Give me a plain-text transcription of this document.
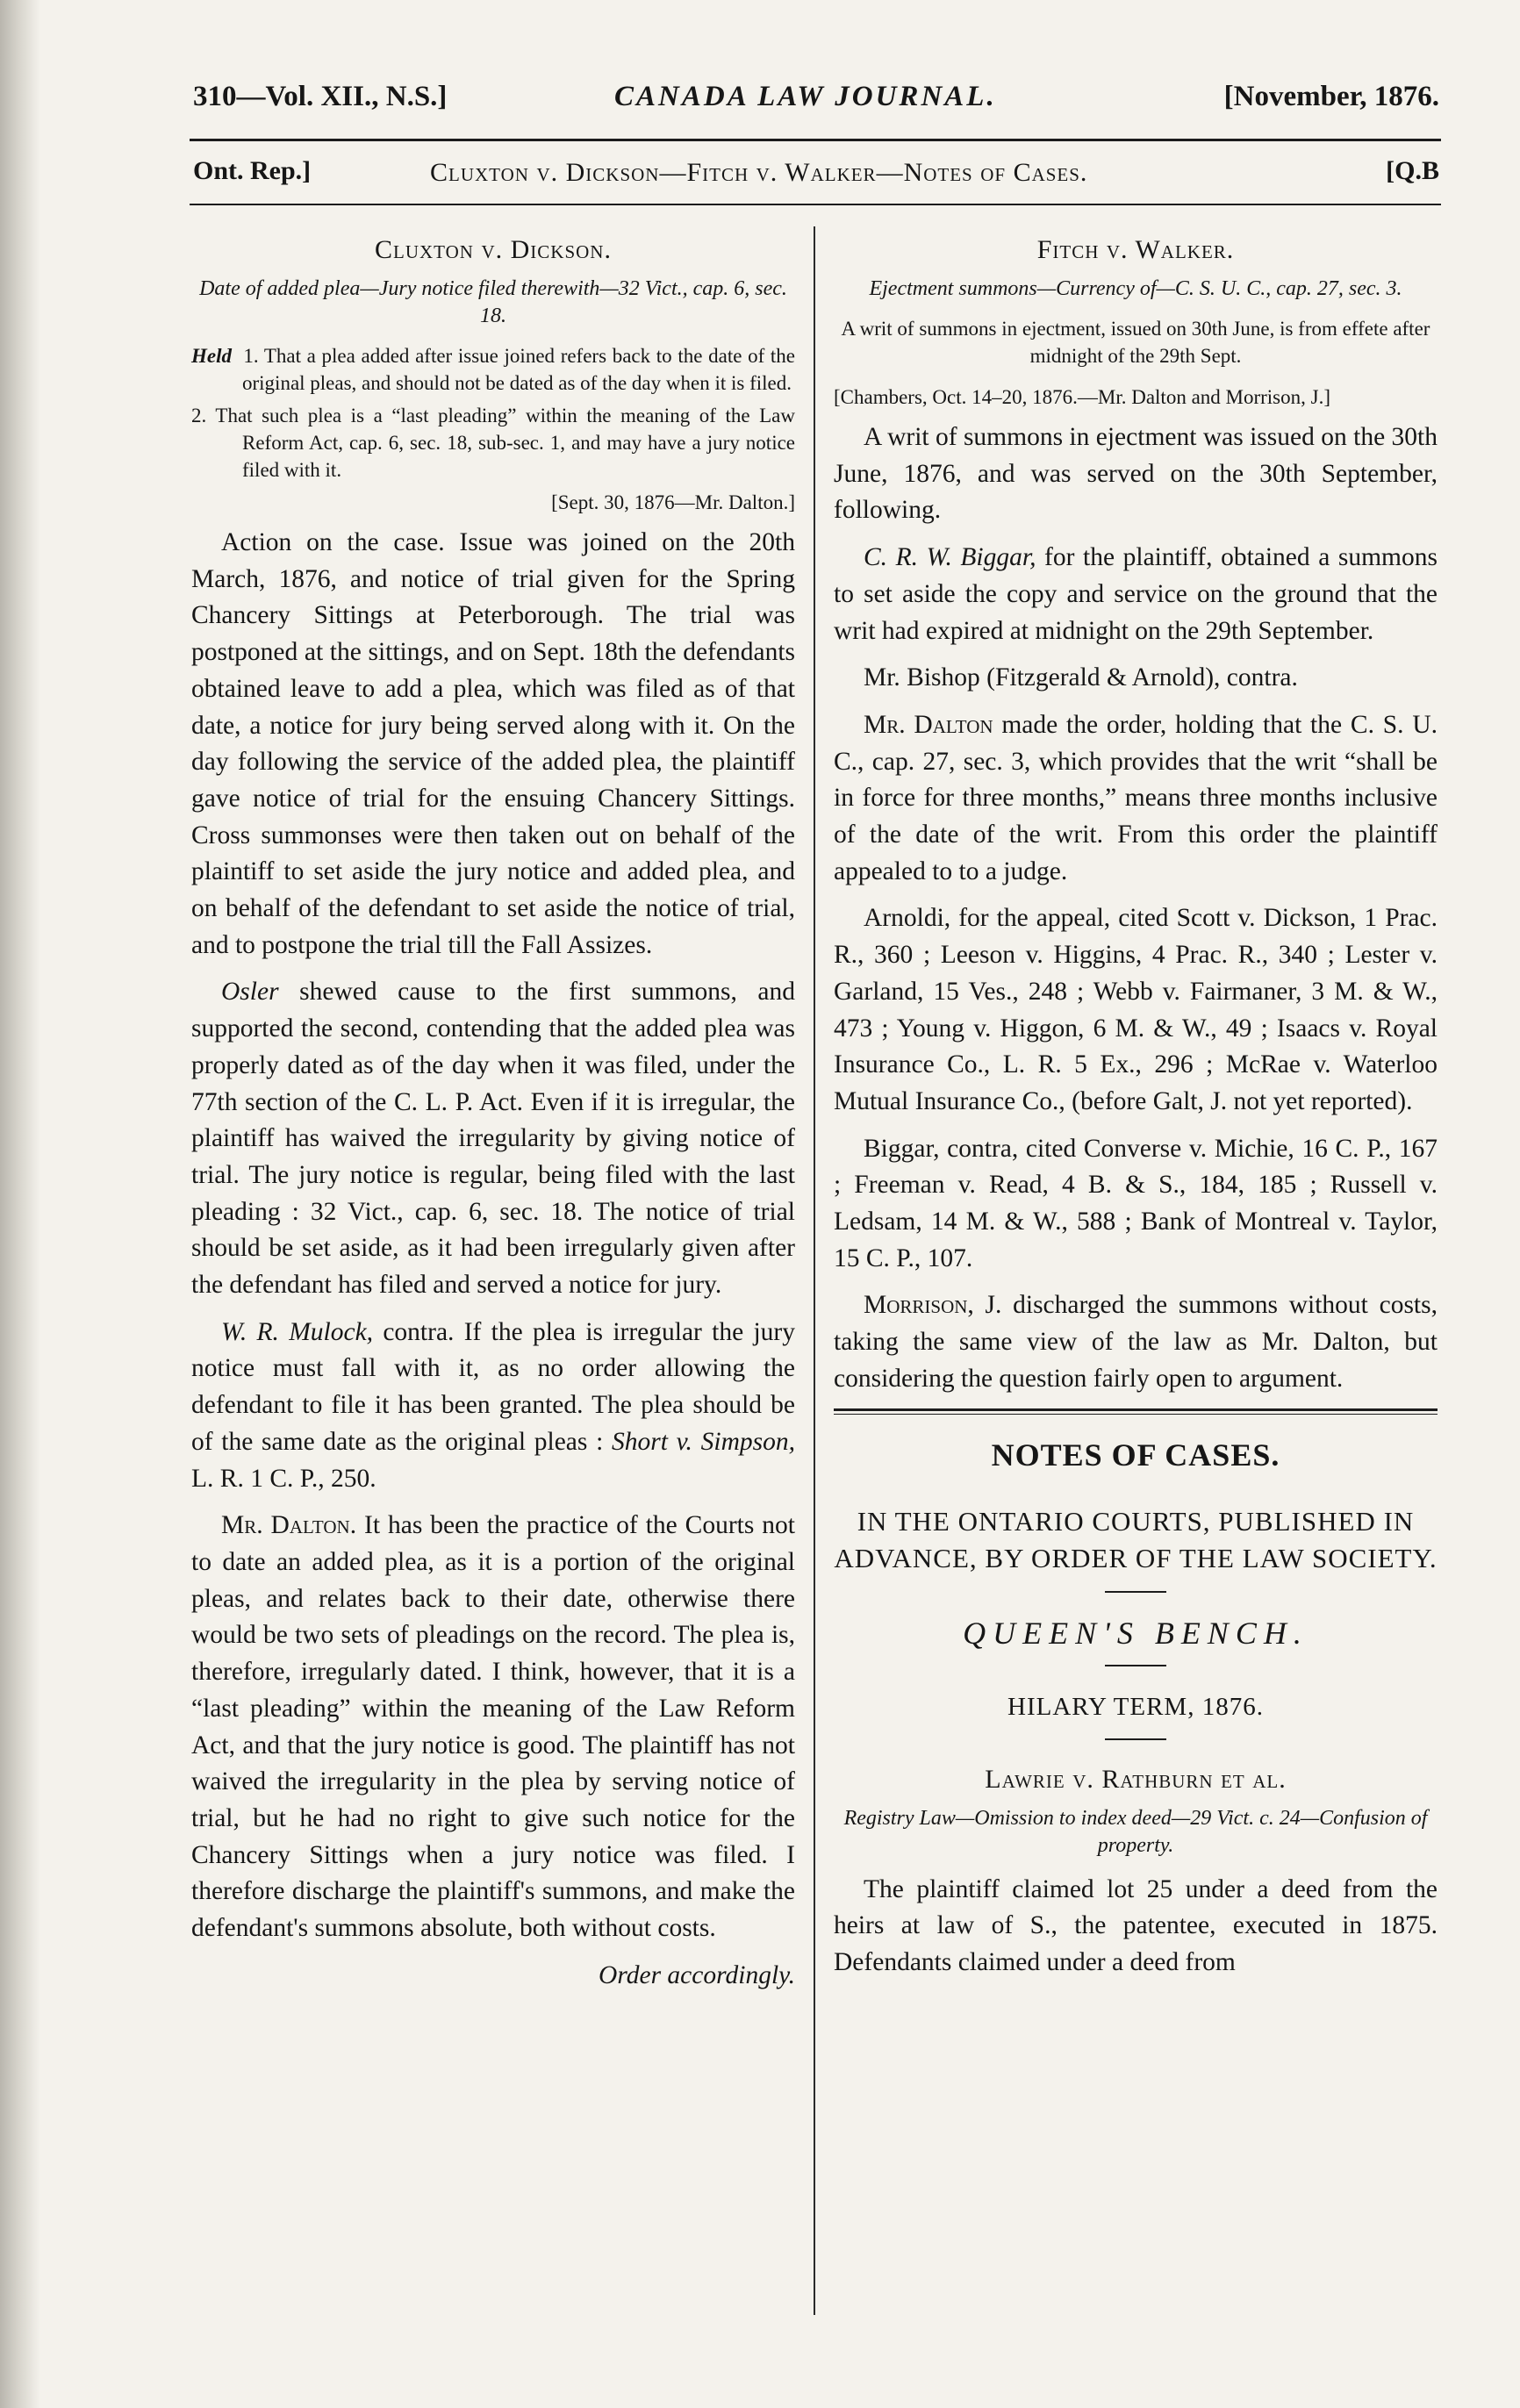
310—Vol. XII., N.S.]	CANADA LAW JOURNAL.	[November, 1876.
Ont. Rep.]	Cluxton v. Dickson—Fitch v. Walker—Notes of Cases.	[Q.B
Cluxton v. Dickson.
Date of added plea—Jury notice filed therewith—32 Vict., cap. 6, sec. 18.
Held 1. That a plea added after issue joined refers back to the date of the original pleas, and should not be dated as of the day when it is filed.
2. That such plea is a “last pleading” within the meaning of the Law Reform Act, cap. 6, sec. 18, sub-sec. 1, and may have a jury notice filed with it.
[Sept. 30, 1876—Mr. Dalton.]

Action on the case. Issue was joined on the 20th March, 1876, and notice of trial given for the Spring Chancery Sittings at Peterborough. The trial was postponed at the sittings, and on Sept. 18th the defendants obtained leave to add a plea, which was filed as of that date, a notice for jury being served along with it. On the day following the service of the added plea, the plaintiff gave notice of trial for the ensuing Chancery Sittings. Cross summonses were then taken out on behalf of the plaintiff to set aside the jury notice and added plea, and on behalf of the defendant to set aside the notice of trial, and to postpone the trial till the Fall Assizes.

Osler shewed cause to the first summons, and supported the second, contending that the added plea was properly dated as of the day when it was filed, under the 77th section of the C. L. P. Act. Even if it is irregular, the plaintiff has waived the irregularity by giving notice of trial. The jury notice is regular, being filed with the last pleading : 32 Vict., cap. 6, sec. 18. The notice of trial should be set aside, as it had been irregularly given after the defendant has filed and served a notice for jury.

W. R. Mulock, contra. If the plea is irregular the jury notice must fall with it, as no order allowing the defendant to file it has been granted. The plea should be of the same date as the original pleas : Short v. Simpson, L. R. 1 C. P., 250.

Mr. Dalton. It has been the practice of the Courts not to date an added plea, as it is a portion of the original pleas, and relates back to their date, otherwise there would be two sets of pleadings on the record. The plea is, therefore, irregularly dated. I think, however, that it is a “last pleading” within the meaning of the Law Reform Act, and that the jury notice is good. The plaintiff has not waived the irregularity in the plea by serving notice of trial, but he had no right to give such notice for the Chancery Sittings when a jury notice was filed. I therefore discharge the plaintiff's summons, and make the defendant's summons absolute, both without costs.

Order accordingly.

Fitch v. Walker.
Ejectment summons—Currency of—C. S. U. C., cap. 27, sec. 3.
A writ of summons in ejectment, issued on 30th June, is from effete after midnight of the 29th Sept.
[Chambers, Oct. 14–20, 1876.—Mr. Dalton and Morrison, J.]

A writ of summons in ejectment was issued on the 30th June, 1876, and was served on the 30th September, following.

C. R. W. Biggar, for the plaintiff, obtained a summons to set aside the copy and service on the ground that the writ had expired at midnight on the 29th September.

Mr. Bishop (Fitzgerald & Arnold), contra.

Mr. Dalton made the order, holding that the C. S. U. C., cap. 27, sec. 3, which provides that the writ “shall be in force for three months,” means three months inclusive of the date of the writ. From this order the plaintiff appealed to to a judge.

Arnoldi, for the appeal, cited Scott v. Dickson, 1 Prac. R., 360 ; Leeson v. Higgins, 4 Prac. R., 340 ; Lester v. Garland, 15 Ves., 248 ; Webb v. Fairmaner, 3 M. & W., 473 ; Young v. Higgon, 6 M. & W., 49 ; Isaacs v. Royal Insurance Co., L. R. 5 Ex., 296 ; McRae v. Waterloo Mutual Insurance Co., (before Galt, J. not yet reported).

Biggar, contra, cited Converse v. Michie, 16 C. P., 167 ; Freeman v. Read, 4 B. & S., 184, 185 ; Russell v. Ledsam, 14 M. & W., 588 ; Bank of Montreal v. Taylor, 15 C. P., 107.

Morrison, J. discharged the summons without costs, taking the same view of the law as Mr. Dalton, but considering the question fairly open to argument.

NOTES OF CASES.
IN THE ONTARIO COURTS, PUBLISHED IN ADVANCE, BY ORDER OF THE LAW SOCIETY.
QUEEN'S BENCH.
HILARY TERM, 1876.
Lawrie v. Rathburn et al.
Registry Law—Omission to index deed—29 Vict. c. 24—Confusion of property.

The plaintiff claimed lot 25 under a deed from the heirs at law of S., the patentee, executed in 1875. Defendants claimed under a deed from
